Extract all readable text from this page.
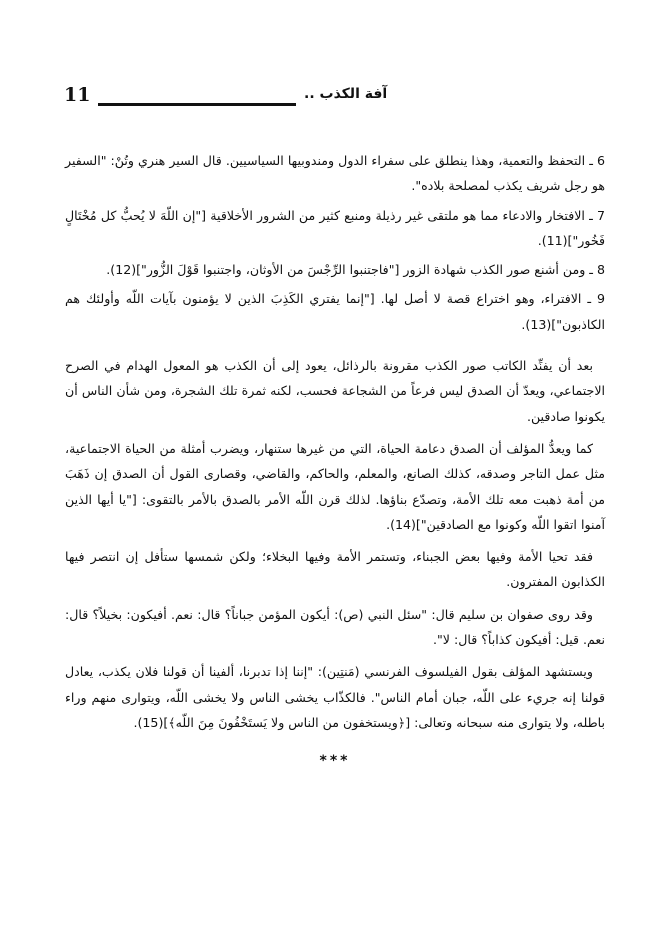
11	آفة الكذب ..

6 ـ التحفظ والتعمية، وهذا ينطلق على سفراء الدول ومندوبيها السياسيين. قال السير هنري وتُنْ: "السفير هو رجل شريف يكذب لمصلحة بلاده".

7 ـ الافتخار والادعاء مما هو ملتقى غير رذيلة ومنبع كثير من الشرور الأخلاقية ["إن اللّهَ لا يُحبُّ كل مُخْتَالٍ فَخُور"](11).

8 ـ ومن أشنع صور الكذب شهادة الزور ["فاجتنبوا الرِّجْسَ من الأوثان، واجتنبوا قَوْلَ الزُّور"](12).

9 ـ الافتراء، وهو اختراع قصة لا أصل لها. ["إنما يفتري الكَذِبَ الذين لا يؤمنون بآيات اللّه وأولئك هم الكاذبون"](13).

بعد أن يفنِّد الكاتب صور الكذب مقرونة بالرذائل، يعود إلى أن الكذب هو المعول الهدام في الصرح الاجتماعي، ويعدّ أن الصدق ليس فرعاً من الشجاعة فحسب، لكنه ثمرة تلك الشجرة، ومن شأن الناس أن يكونوا صادقين.

كما ويعدُّ المؤلف أن الصدق دعامة الحياة، التي من غيرها ستنهار، ويضرب أمثلة من الحياة الاجتماعية، مثل عمل التاجر وصدقه، كذلك الصانع، والمعلم، والحاكم، والقاضي، وقصارى القول أن الصدق إن ذَهَبَ من أمة ذهبت معه تلك الأمة، وتصدّع بناؤها. لذلك قرن اللّه الأمر بالصدق بالأمر بالتقوى: ["يا أيها الذين آمنوا اتقوا اللّه وكونوا مع الصادقين"](14).

فقد تحيا الأمة وفيها بعض الجبناء، وتستمر الأمة وفيها البخلاء؛ ولكن شمسها ستأفل إن انتصر فيها الكذابون المفترون.

وقد روى صفوان بن سليم قال: "سئل النبي (ص): أيكون المؤمن جباناً؟ قال: نعم. أفيكون: بخيلاً؟ قال: نعم. قيل: أفيكون كذاباً؟ قال: لا".

ويستشهد المؤلف بقول الفيلسوف الفرنسي (مَنتِين): "إننا إذا تدبرنا، ألفينا أن قولنا فلان يكذب، يعادل قولنا إنه جريء على اللّه، جبان أمام الناس". فالكذّاب يخشى الناس ولا يخشى اللّه، ويتوارى منهم وراء باطله، ولا يتوارى منه سبحانه وتعالى: [﴿ويستخفون من الناس ولا يَستَخْفُونَ مِنَ اللّه﴾](15).

***
